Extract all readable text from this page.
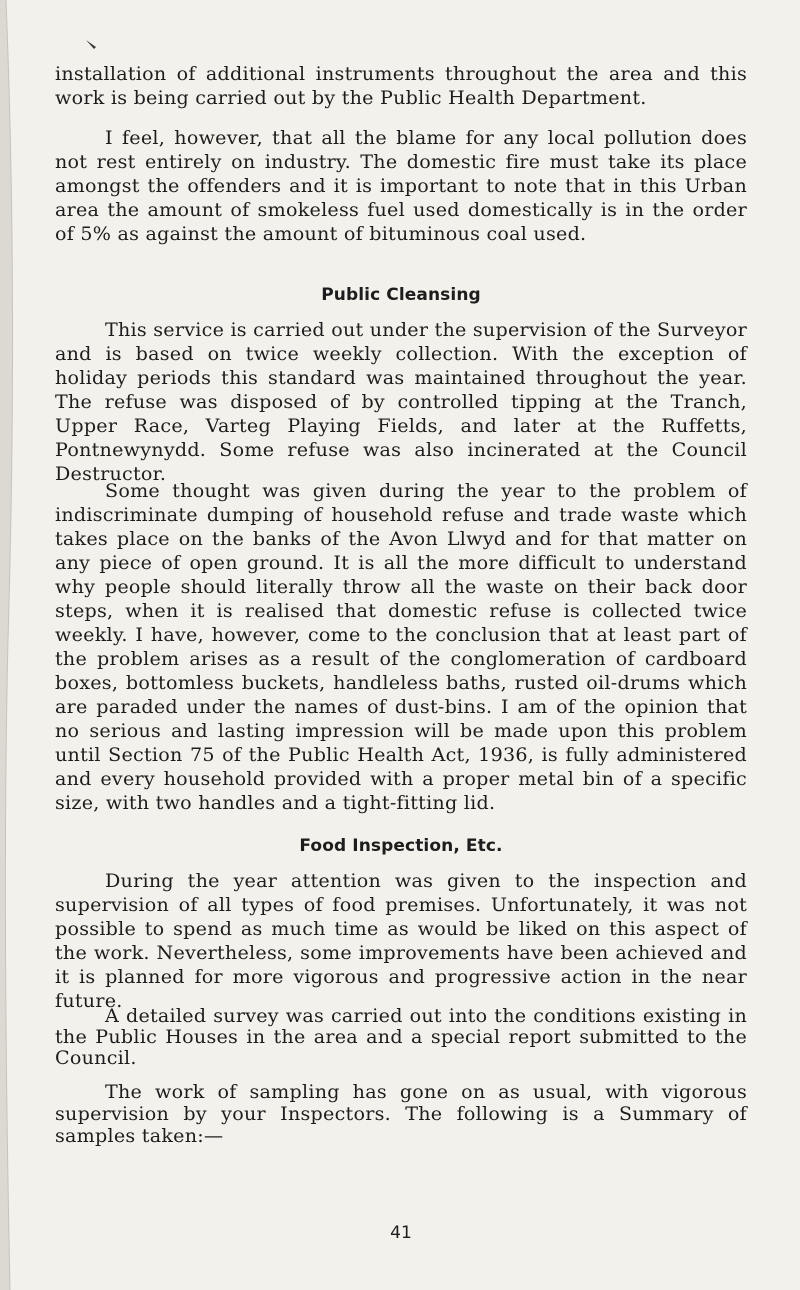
installation of additional instruments throughout the area and this work is being carried out by the Public Health Department.

I feel, however, that all the blame for any local pollution does not rest entirely on industry. The domestic fire must take its place amongst the offenders and it is important to note that in this Urban area the amount of smokeless fuel used domestically is in the order of 5% as against the amount of bituminous coal used.

Public Cleansing

This service is carried out under the supervision of the Surveyor and is based on twice weekly collection. With the exception of holiday periods this standard was maintained throughout the year. The refuse was disposed of by controlled tipping at the Tranch, Upper Race, Varteg Playing Fields, and later at the Ruffetts, Pontnewynydd. Some refuse was also incinerated at the Council Destructor.

Some thought was given during the year to the problem of indiscriminate dumping of household refuse and trade waste which takes place on the banks of the Avon Llwyd and for that matter on any piece of open ground. It is all the more difficult to understand why people should literally throw all the waste on their back door steps, when it is realised that domestic refuse is collected twice weekly. I have, however, come to the conclusion that at least part of the problem arises as a result of the conglomeration of cardboard boxes, bottomless buckets, handleless baths, rusted oil-drums which are paraded under the names of dust-bins. I am of the opinion that no serious and lasting impression will be made upon this problem until Section 75 of the Public Health Act, 1936, is fully administered and every household provided with a proper metal bin of a specific size, with two handles and a tight-fitting lid.

Food Inspection, Etc.

During the year attention was given to the inspection and supervision of all types of food premises. Unfortunately, it was not possible to spend as much time as would be liked on this aspect of the work. Nevertheless, some improvements have been achieved and it is planned for more vigorous and progressive action in the near future.

A detailed survey was carried out into the conditions existing in the Public Houses in the area and a special report submitted to the Council.

The work of sampling has gone on as usual, with vigorous supervision by your Inspectors. The following is a Summary of samples taken:—

41
